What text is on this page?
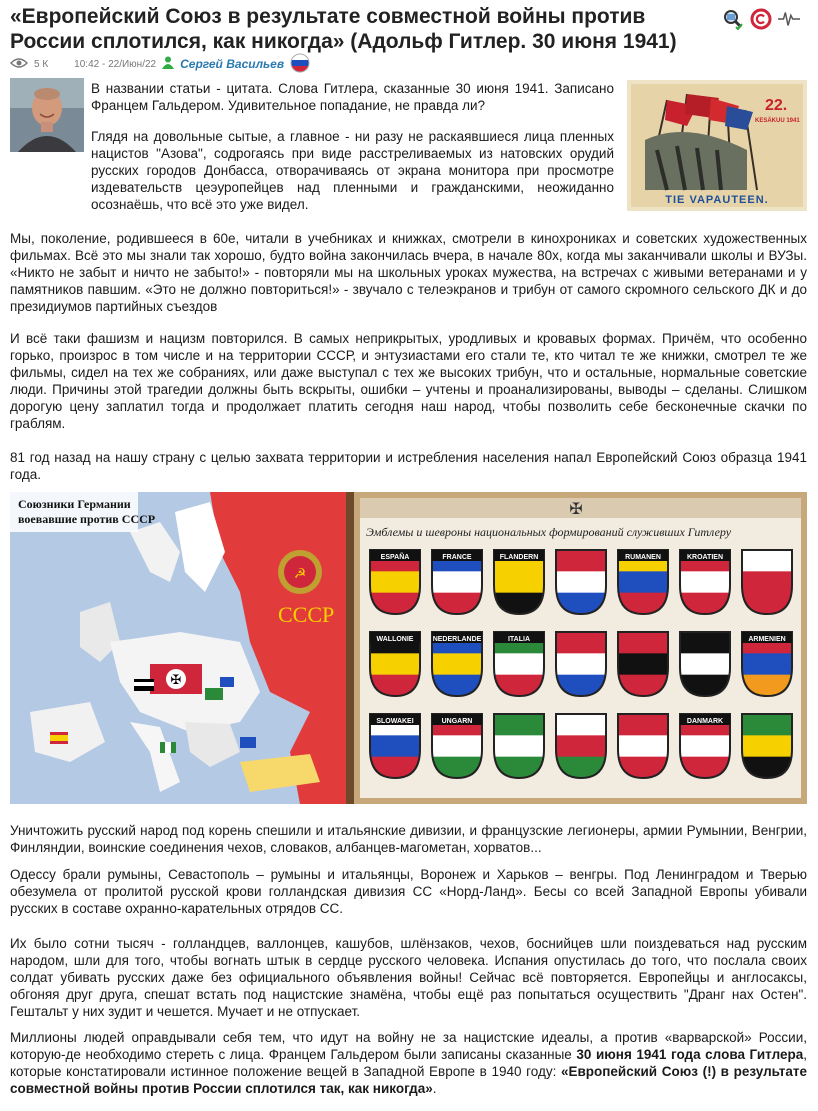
«Европейский Союз в результате совместной войны против России сплотился, как никогда» (Адольф Гитлер. 30 июня 1941)
5 К	10:42 - 22/Июн/22 Сергей Васильев

В названии статьи - цитата. Слова Гитлера, сказанные 30 июня 1941. Записано Францем Гальдером. Удивительное попадание, не правда ли?

Глядя на довольные сытые, а главное - ни разу не раскаявшиеся лица пленных нацистов "Азова", содрогаясь при виде расстреливаемых из натовских орудий русских городов Донбасса, отворачиваясь от экрана монитора при просмотре издевательств цеэуропейцев над пленными и гражданскими, неожиданно осознаёшь, что всё это уже видел.

22.
KESÄKUU 1941
TIE VAPAUTEEN.

Мы, поколение, родившееся в 60е, читали в учебниках и книжках, смотрели в кинохрониках и советских художественных фильмах. Всё это мы знали так хорошо, будто война закончилась вчера, в начале 80х, когда мы заканчивали школы и ВУЗы. «Никто не забыт и ничто не забыто!» - повторяли мы на школьных уроках мужества, на встречах с живыми ветеранами и у памятников павшим. «Это не должно повториться!» - звучало с телеэкранов и трибун от самого скромного сельского ДК и до президиумов партийных съездов

И всё таки фашизм и нацизм повторился. В самых неприкрытых, уродливых и кровавых формах. Причём, что особенно горько, произрос в том числе и на территории СССР, и энтузиастами его стали те, кто читал те же книжки, смотрел те же фильмы, сидел на тех же собраниях, или даже выступал с тех же высоких трибун, что и остальные, нормальные советские люди. Причины этой трагедии должны быть вскрыты, ошибки – учтены и проанализированы, выводы – сделаны. Слишком дорогую цену заплатил тогда и продолжает платить сегодня наш народ, чтобы позволить себе бесконечные скачки по граблям.

81 год назад на нашу страну с целью захвата территории и истребления населения напал Европейский Союз образца 1941 года.

✠
☭
СССР
Союзники Германии
воевавшие против СССР
✠
Эмблемы и шевроны национальных формирований служивших Гитлеру
ESPAÑA	FRANCE	FLANDERN	RUMANEN	KROATIEN
WALLONIE	NEDERLANDE	ITALIA	ARMENIEN
SLOWAKEI	UNGARN	DANMARK

Уничтожить русский народ под корень спешили и итальянские дивизии, и французские легионеры, армии Румынии, Венгрии, Финляндии, воинские соединения чехов, словаков, албанцев-магометан, хорватов...

Одессу брали румыны, Севастополь – румыны и итальянцы, Воронеж и Харьков – венгры. Под Ленинградом и Тверью обезумела от пролитой русской крови голландская дивизия СС «Норд-Ланд». Бесы со всей Западной Европы убивали русских в составе охранно-карательных отрядов СС.

Их было сотни тысяч - голландцев, валлонцев, кашубов, шлёнзаков, чехов, боснийцев шли поиздеваться над русским народом, шли для того, чтобы вогнать штык в сердце русского человека. Испания опустилась до того, что послала своих солдат убивать русских даже без официального объявления войны! Сейчас всё повторяется. Европейцы и англосаксы, обгоняя друг друга, спешат встать под нацистские знамёна, чтобы ещё раз попытаться осуществить "Дранг нах Остен". Гештальт у них зудит и чешется. Мучает и не отпускает.

Миллионы людей оправдывали себя тем, что идут на войну не за нацистские идеалы, а против «варварской» России, которую-де необходимо стереть с лица. Францем Гальдером были записаны сказанные 30 июня 1941 года слова Гитлера, которые констатировали истинное положение вещей в Западной Европе в 1940 году: «Европейский Союз (!) в результате совместной войны против России сплотился так, как никогда».
